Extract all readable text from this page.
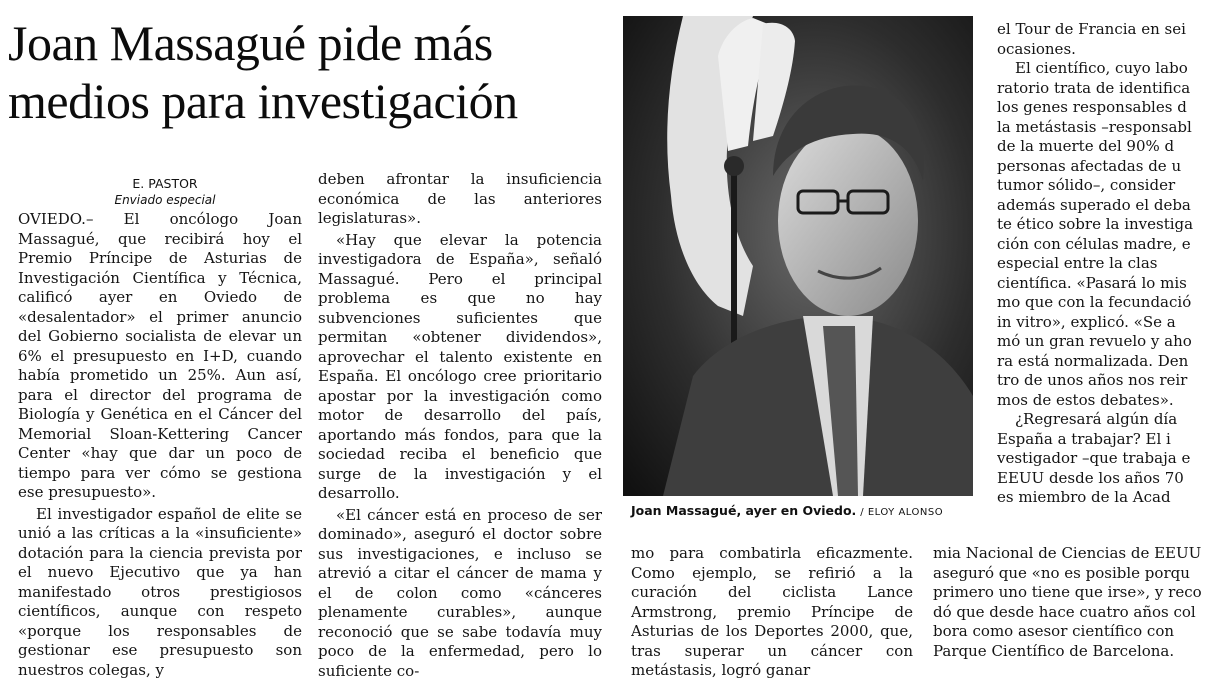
Joan Massagué pide más medios para investigación
E. PASTOR
Enviado especial

OVIEDO.– El oncólogo Joan Massagué, que recibirá hoy el Premio Príncipe de Asturias de Investigación Científica y Técnica, calificó ayer en Oviedo de «desalentador» el primer anuncio del Gobierno socialista de elevar un 6% el presupuesto en I+D, cuando había prometido un 25%. Aun así, para el director del programa de Biología y Genética en el Cáncer del Memorial Sloan-Kettering Cancer Center «hay que dar un poco de tiempo para ver cómo se gestiona ese presupuesto».

El investigador español de elite se unió a las críticas a la «insuficiente» dotación para la ciencia prevista por el nuevo Ejecutivo que ya han manifestado otros prestigiosos científicos, aunque con respeto «porque los responsables de gestionar ese presupuesto son nuestros colegas, y

deben afrontar la insuficiencia económica de las anteriores legislaturas».

«Hay que elevar la potencia investigadora de España», señaló Massagué. Pero el principal problema es que no hay subvenciones suficientes que permitan «obtener dividendos», aprovechar el talento existente en España. El oncólogo cree prioritario apostar por la investigación como motor de desarrollo del país, aportando más fondos, para que la sociedad reciba el beneficio que surge de la investigación y el desarrollo.

«El cáncer está en proceso de ser dominado», aseguró el doctor sobre sus investigaciones, e incluso se atrevió a citar el cáncer de mama y el de colon como «cánceres plenamente curables», aunque reconoció que se sabe todavía muy poco de la enfermedad, pero lo suficiente co-

Joan Massagué, ayer en Oviedo. / ELOY ALONSO

mo para combatirla eficazmente. Como ejemplo, se refirió a la curación del ciclista Lance Armstrong, premio Príncipe de Asturias de los Deportes 2000, que, tras superar un cáncer con metástasis, logró ganar

el Tour de Francia en sei
ocasiones.
El científico, cuyo labo
ratorio trata de identifica
los genes responsables d
la metástasis –responsabl
de la muerte del 90% d
personas afectadas de u
tumor sólido–, consider
además superado el deba
te ético sobre la investiga
ción con células madre, e
especial entre la clas
científica. «Pasará lo mis
mo que con la fecundació
in vitro», explicó. «Se a
mó un gran revuelo y aho
ra está normalizada. Den
tro de unos años nos reir
mos de estos debates».
¿Regresará algún día
España a trabajar? El i
vestigador –que trabaja e
EEUU desde los años 70
es miembro de la Acad
mia Nacional de Ciencias de EEUU
aseguró que «no es posible porqu
primero uno tiene que irse», y reco
dó que desde hace cuatro años col
bora como asesor científico con
Parque Científico de Barcelona.
